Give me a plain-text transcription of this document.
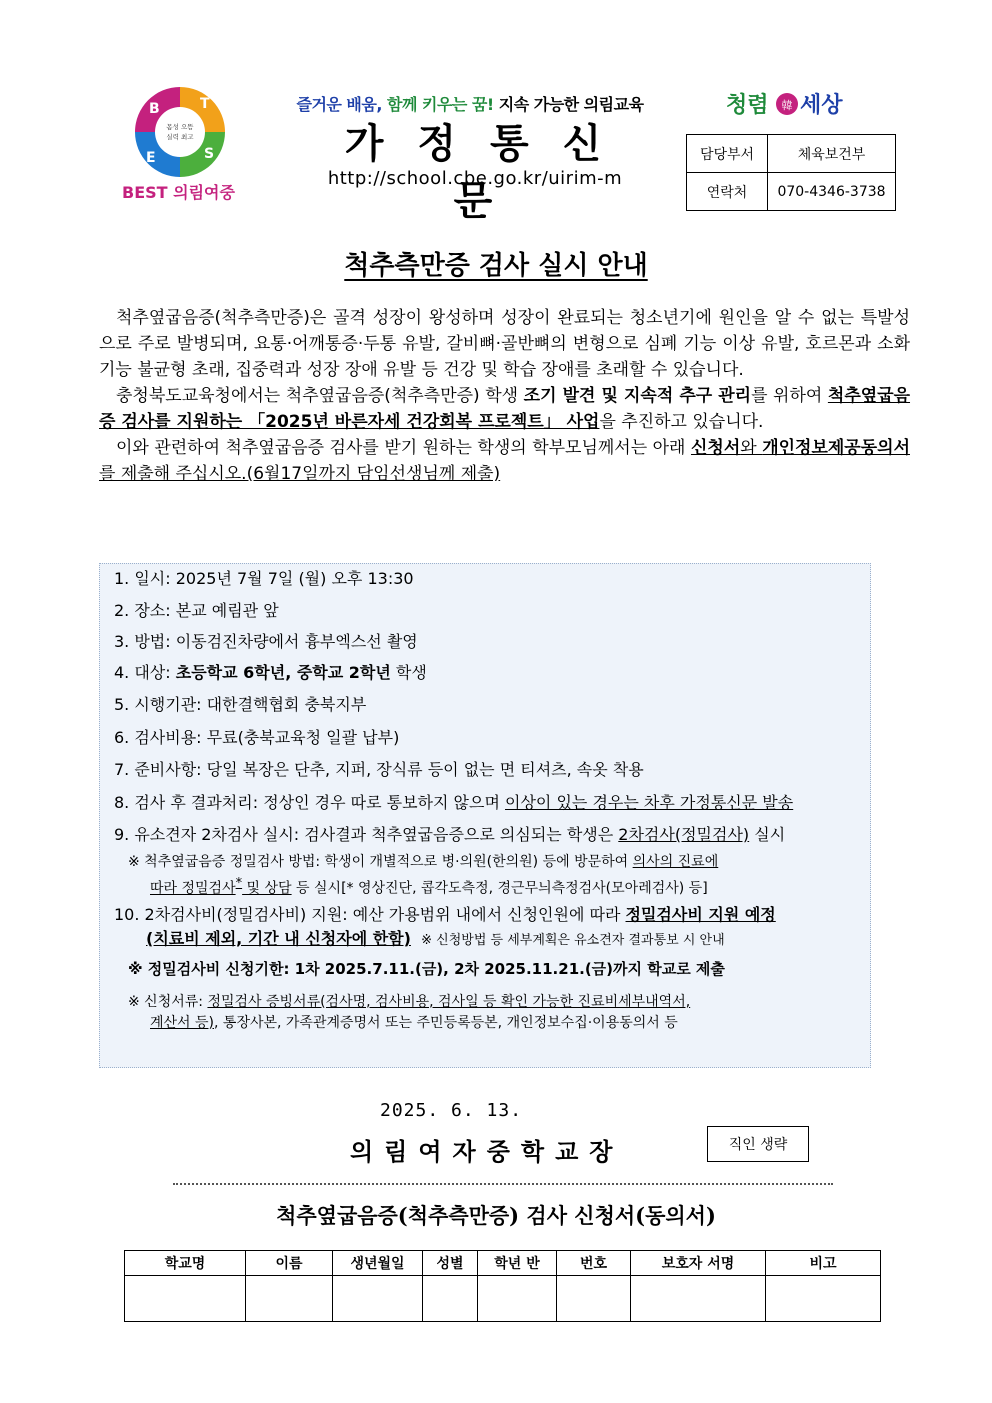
B	T
E	S
몸성 으뜸
실력 최고
BEST 의림여중
즐거운 배움, 함께 키우는 꿈! 지속 가능한 의림교육
가정통신문
http://school.cbe.go.kr/uirim-m
청렴 韓 세상
담당부서	체육보건부
연락처	070-4346-3738
척추측만증 검사 실시 안내

척추옆굽음증(척추측만증)은 골격 성장이 왕성하며 성장이 완료되는 청소년기에 원인을 알 수 없는 특발성으로 주로 발병되며, 요통·어깨통증·두통 유발, 갈비뼈·골반뼈의 변형으로 심폐 기능 이상 유발, 호르몬과 소화 기능 불균형 초래, 집중력과 성장 장애 유발 등 건강 및 학습 장애를 초래할 수 있습니다.

충청북도교육청에서는 척추옆굽음증(척추측만증) 학생 조기 발견 및 지속적 추구 관리를 위하여 척추옆굽음증 검사를 지원하는 「2025년 바른자세 건강회복 프로젝트」 사업을 추진하고 있습니다.

이와 관련하여 척추옆굽음증 검사를 받기 원하는 학생의 학부모님께서는 아래 신청서와 개인정보제공동의서를 제출해 주십시오.(6월17일까지 담임선생님께 제출)

1. 일시: 2025년 7월 7일 (월) 오후 13:30
2. 장소: 본교 예림관 앞
3. 방법: 이동검진차량에서 흉부엑스선 촬영
4. 대상: 초등학교 6학년, 중학교 2학년 학생
5. 시행기관: 대한결핵협회 충북지부
6. 검사비용: 무료(충북교육청 일괄 납부)
7. 준비사항: 당일 복장은 단추, 지퍼, 장식류 등이 없는 면 티셔츠, 속옷 착용
8. 검사 후 결과처리: 정상인 경우 따로 통보하지 않으며 이상이 있는 경우는 차후 가정통신문 발송
9. 유소견자 2차검사 실시: 검사결과 척추옆굽음증으로 의심되는 학생은 2차검사(정밀검사) 실시
※ 척추옆굽음증 정밀검사 방법: 학생이 개별적으로 병·의원(한의원) 등에 방문하여 의사의 진료에
따라 정밀검사* 및 상담 등 실시[* 영상진단, 콥각도측정, 경근무늬측정검사(모아레검사) 등]
10. 2차검사비(정밀검사비) 지원: 예산 가용범위 내에서 신청인원에 따라 정밀검사비 지원 예정
(치료비 제외, 기간 내 신청자에 한함) ※ 신청방법 등 세부계획은 유소견자 결과통보 시 안내
※ 정밀검사비 신청기한: 1차 2025.7.11.(금), 2차 2025.11.21.(금)까지 학교로 제출
※ 신청서류: 정밀검사 증빙서류(검사명, 검사비용, 검사일 등 확인 가능한 진료비세부내역서,
계산서 등), 통장사본, 가족관계증명서 또는 주민등록등본, 개인정보수집·이용동의서 등
2025. 6. 13.
의림여자중학교장	직인 생략
척추옆굽음증(척추측만증) 검사 신청서(동의서)
학교명	이름	생년월일	성별	학년 반	번호	보호자 서명	비고
